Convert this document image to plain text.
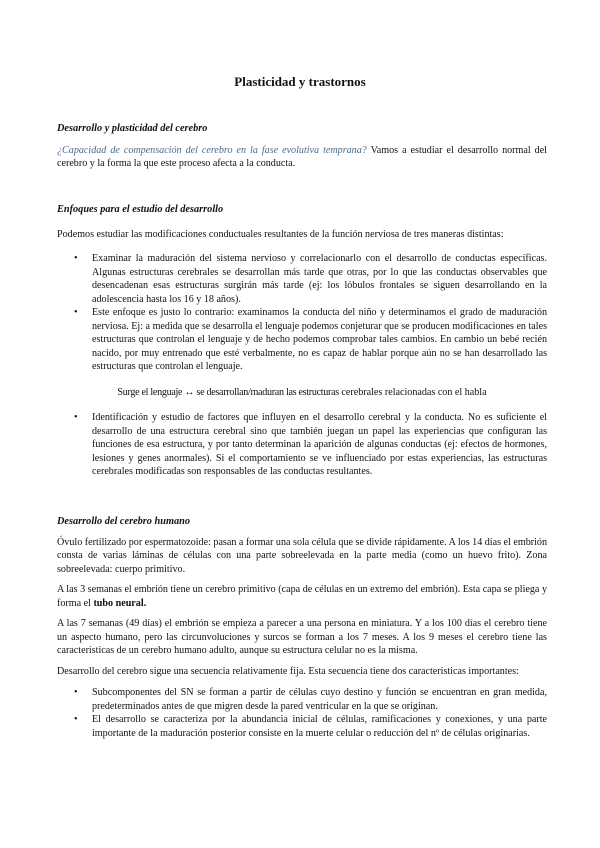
Plasticidad y trastornos
Desarrollo y plasticidad del cerebro
¿Capacidad de compensación del cerebro en la fase evolutiva temprana? Vamos a estudiar el desarrollo normal del cerebro y la forma la que este proceso afecta a la conducta.
Enfoques para el estudio del desarrollo
Podemos estudiar las modificaciones conductuales resultantes de la función nerviosa de tres maneras distintas:
• Examinar la maduración del sistema nervioso y correlacionarlo con el desarrollo de conductas específicas. Algunas estructuras cerebrales se desarrollan más tarde que otras, por lo que las conductas observables que desencadenan esas estructuras surgirán más tarde (ej: los lóbulos frontales se siguen desarrollando en la adolescencia hasta los 16 y 18 años).
• Este enfoque es justo lo contrario: examinamos la conducta del niño y determinamos el grado de maduración nerviosa. Ej: a medida que se desarrolla el lenguaje podemos conjeturar que se producen modificaciones en tales estructuras que controlan el lenguaje y de hecho podemos comprobar tales cambios. En cambio un bebé recién nacido, por muy entrenado que esté verbalmente, no es capaz de hablar porque aún no se han desarrollado las estructuras que controlan el lenguaje.
Surge el lenguaje ↔ se desarrollan/maduran las estructuras cerebrales relacionadas con el habla
• Identificación y estudio de factores que influyen en el desarrollo cerebral y la conducta. No es suficiente el desarrollo de una estructura cerebral sino que también juegan un papel las experiencias que configuran las funciones de esa estructura, y por tanto determinan la aparición de algunas conductas (ej: efectos de hormones, lesiones y genes anormales). Si el comportamiento se ve influenciado por estas experiencias, las estructuras cerebrales modificadas son responsables de las conductas resultantes.
Desarrollo del cerebro humano
Óvulo fertilizado por espermatozoide: pasan a formar una sola célula que se divide rápidamente. A los 14 días el embrión consta de varias láminas de células con una parte sobreelevada en la parte media (como un huevo frito). Zona sobreelevada: cuerpo primitivo.
A las 3 semanas el embrión tiene un cerebro primitivo (capa de células en un extremo del embrión). Esta capa se pliega y forma el tubo neural.
A las 7 semanas (49 días) el embrión se empieza a parecer a una persona en miniatura. Y a los 100 días el cerebro tiene un aspecto humano, pero las circunvoluciones y surcos se forman a los 7 meses. A los 9 meses el cerebro tiene las características de un cerebro humano adulto, aunque su estructura celular no es la misma.
Desarrollo del cerebro sigue una secuencia relativamente fija. Esta secuencia tiene dos características importantes:
• Subcomponentes del SN se forman a partir de células cuyo destino y función se encuentran en gran medida, predeterminados antes de que migren desde la pared ventricular en la que se originan.
• El desarrollo se caracteriza por la abundancia inicial de células, ramificaciones y conexiones, y una parte importante de la maduración posterior consiste en la muerte celular o reducción del nº de células originarias.
